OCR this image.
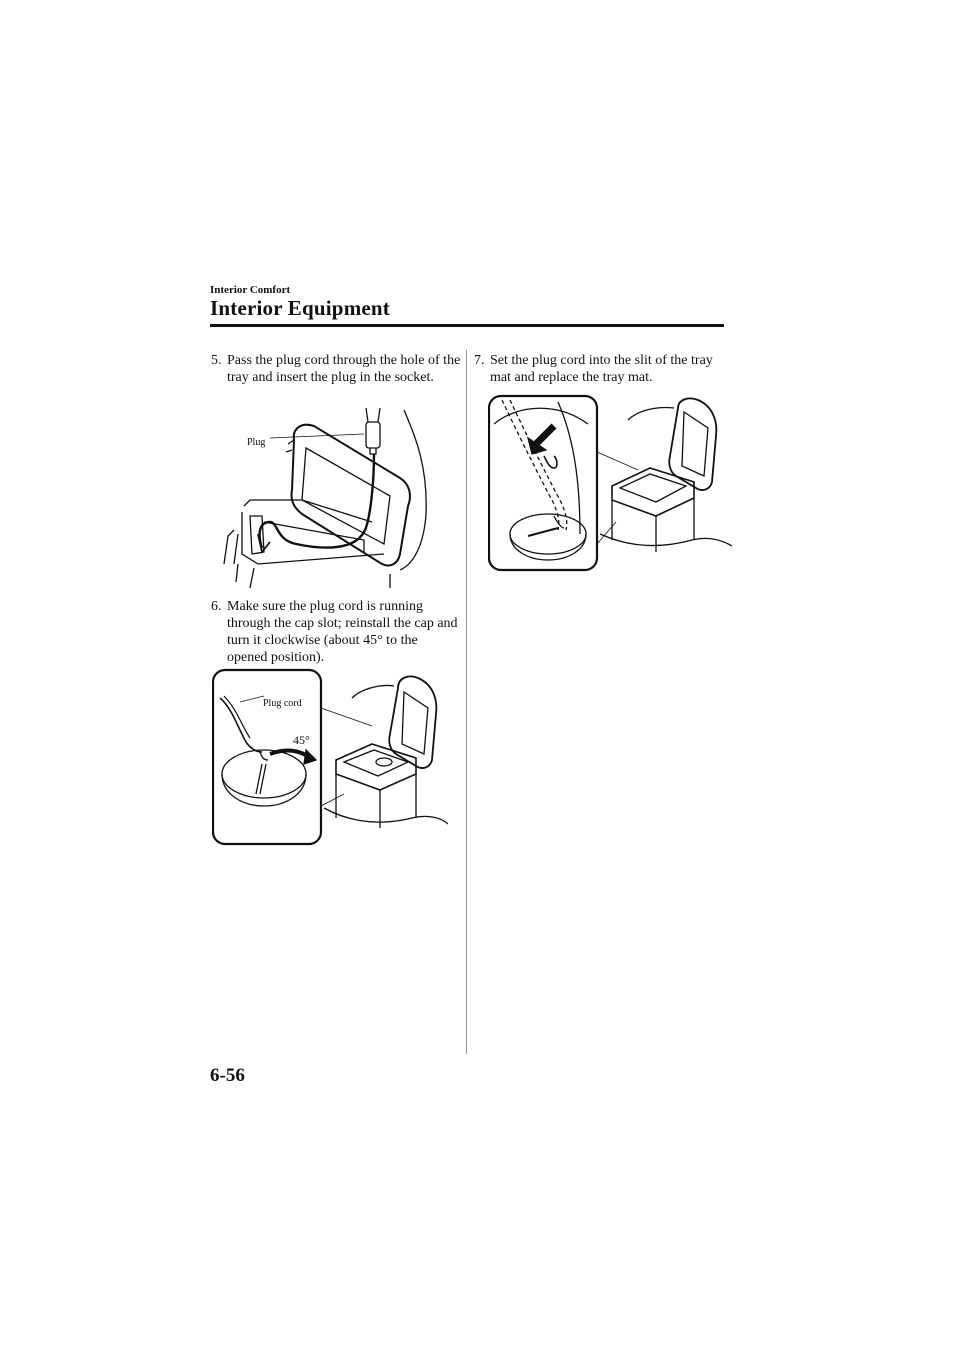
Interior Comfort
Interior Equipment

5. Pass the plug cord through the hole of the tray and insert the plug in the socket.

Plug

6. Make sure the plug cord is running through the cap slot; reinstall the cap and turn it clockwise (about 45° to the opened position).

Plug cord
45°

7. Set the plug cord into the slit of the tray mat and replace the tray mat.

6-56
